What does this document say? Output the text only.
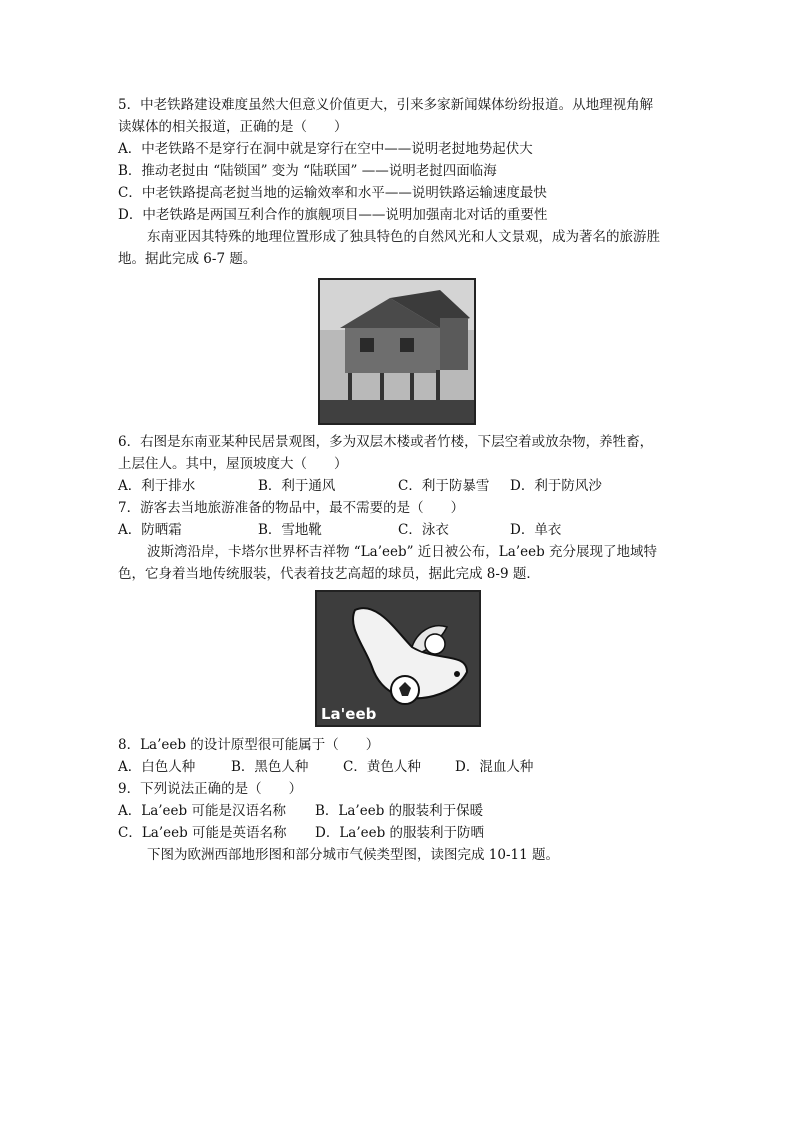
5．中老铁路建设难度虽然大但意义价值更大，引来多家新闻媒体纷纷报道。从地理视角解
读媒体的相关报道，正确的是（　　）
A．中老铁路不是穿行在洞中就是穿行在空中——说明老挝地势起伏大
B．推动老挝由 “陆锁国” 变为 “陆联国” ——说明老挝四面临海
C．中老铁路提高老挝当地的运输效率和水平——说明铁路运输速度最快
D．中老铁路是两国互利合作的旗舰项目——说明加强南北对话的重要性
东南亚因其特殊的地理位置形成了独具特色的自然风光和人文景观，成为著名的旅游胜
地。据此完成 6-7 题。
6．右图是东南亚某种民居景观图，多为双层木楼或者竹楼，下层空着或放杂物，养牲畜，
上层住人。其中，屋顶坡度大（　　）
A．利于排水	B．利于通风	C．利于防暴雪 D．利于防风沙
7．游客去当地旅游准备的物品中，最不需要的是（　　）
A．防晒霜	B．雪地靴	C．泳衣	D．单衣
波斯湾沿岸，卡塔尔世界杯吉祥物 “La’eeb” 近日被公布，La’eeb 充分展现了地域特
色，它身着当地传统服装，代表着技艺高超的球员，据此完成 8-9 题．
La'eeb
8．La’eeb 的设计原型很可能属于（　　）
A．白色人种	B．黑色人种	C．黄色人种	D．混血人种
9．下列说法正确的是（　　）
A．La’eeb 可能是汉语名称 B．La’eeb 的服装利于保暖
C．La’eeb 可能是英语名称 D．La’eeb 的服装利于防晒
下图为欧洲西部地形图和部分城市气候类型图，读图完成 10-11 题。
